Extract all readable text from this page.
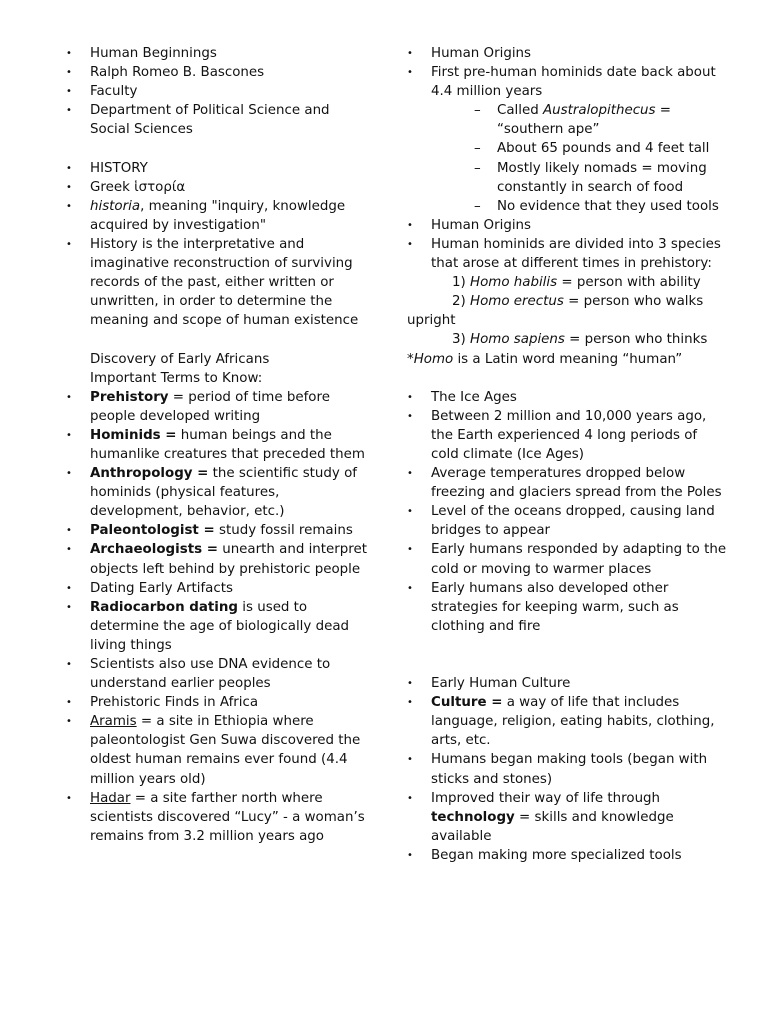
• Human Beginnings
• Ralph Romeo B. Bascones
• Faculty
• Department of Political Science and Social Sciences
• HISTORY
• Greek ἱστορία
• historia, meaning "inquiry, knowledge acquired by investigation"
• History is the interpretative and imaginative reconstruction of surviving records of the past, either written or unwritten, in order to determine the meaning and scope of human existence
Discovery of Early Africans
Important Terms to Know:
• Prehistory = period of time before people developed writing
• Hominids = human beings and the humanlike creatures that preceded them
• Anthropology = the scientific study of hominids (physical features, development, behavior, etc.)
• Paleontologist = study fossil remains
• Archaeologists = unearth and interpret objects left behind by prehistoric people
• Dating Early Artifacts
• Radiocarbon dating is used to determine the age of biologically dead living things
• Scientists also use DNA evidence to understand earlier peoples
• Prehistoric Finds in Africa
• Aramis = a site in Ethiopia where paleontologist Gen Suwa discovered the oldest human remains ever found (4.4 million years old)
• Hadar = a site farther north where scientists discovered “Lucy” - a woman’s remains from 3.2 million years ago
• Human Origins
• First pre-human hominids date back about 4.4 million years
– Called Australopithecus = “southern ape”
– About 65 pounds and 4 feet tall
– Mostly likely nomads = moving constantly in search of food
– No evidence that they used tools
• Human Origins
• Human hominids are divided into 3 species that arose at different times in prehistory:
1) Homo habilis = person with ability
2) Homo erectus = person who walks
upright
3) Homo sapiens = person who thinks
*Homo is a Latin word meaning “human”
• The Ice Ages
• Between 2 million and 10,000 years ago, the Earth experienced 4 long periods of cold climate (Ice Ages)
• Average temperatures dropped below freezing and glaciers spread from the Poles
• Level of the oceans dropped, causing land bridges to appear
• Early humans responded by adapting to the cold or moving to warmer places
• Early humans also developed other strategies for keeping warm, such as clothing and fire
• Early Human Culture
• Culture = a way of life that includes language, religion, eating habits, clothing, arts, etc.
• Humans began making tools (began with sticks and stones)
• Improved their way of life through technology = skills and knowledge available
• Began making more specialized tools
